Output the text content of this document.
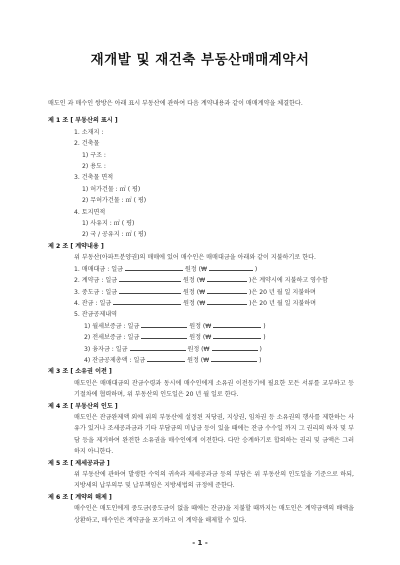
재개발 및 재건축 부동산매매계약서
매도인 과 매수인 쌍방은 아래 표시 부동산에 관하여 다음 계약내용과 같이 매매계약을 체결한다.
제 1 조 [ 부동산의 표시 ]
1. 소재지 :
2. 건축물
1) 구조 :
2) 용도 :
3. 건축물 면적
1) 허가건물 : ㎡ ( 평)
2) 무허가건물 : ㎡ ( 평)
4. 토지면적
1) 사유지 : ㎡ ( 평)
2) 국 / 공유지 : ㎡ ( 평)
제 2 조 [ 계약내용 ]
위 부동산(아파트분양권)의 매매에 있어 매수인은 매매대금을 아래와 같이 지불하기로 한다.
1. 매매대금 : 일금	원정 (₩	)
2. 계약금 : 일금	원정 (₩	)은 계약시에 지불하고 영수함
3. 중도금 : 일금	원정 (₩	)은 20 년 월 일 지불하며
4. 잔금 : 일금	원정 (₩	)은 20 년 월 일 지불하며
5. 잔금공제내역
1) 월세보증금 : 일금	원정 (₩	)
2) 전세보증금 : 일금	원정 (₩	)
3) 융자금 : 일금	원정 (₩	)
4) 잔금공제총액 : 일금	원정 (₩	)
제 3 조 [ 소유권 이전 ]
매도인은 매매대금의 잔금수령과 동시에 매수인에게 소유권 이전등기에 필요한 모든 서류를 교부하고 등기절차에 협력하며, 위 부동산의 인도일은 20 년 월 일로 한다.
제 4 조 [ 부동산의 인도 ]
매도인은 잔금완제액 외에 위의 부동산에 설정된 저당권, 지상권, 임차권 등 소유권의 행사를 제한하는 사유가 있거나 조세공과금과 기타 부담금의 미납금 등이 있을 때에는 잔금 수수일 까지 그 권리의 하자 및 부담 등을 제거하여 완전한 소유권을 매수인에게 이전한다. 다만 승계하기로 합의하는 권리 및 금액은 그러하지 아니한다.
제 5 조 [ 제세공과금 ]
위 부동산에 관하여 발생한 수익의 귀속과 제세공과금 등의 부담은 위 부동산의 인도일을 기준으로 하되, 지방세의 납부의무 및 납부책임은 지방세법의 규정에 준한다.
제 6 조 [ 계약의 해제 ]
매수인은 매도인에게 중도금(중도금이 없을 때에는 잔금)을 지불할 때까지는 매도인은 계약금액의 배액을 상환하고, 매수인은 계약금을 포기하고 이 계약을 해제할 수 있다.
- 1 -
